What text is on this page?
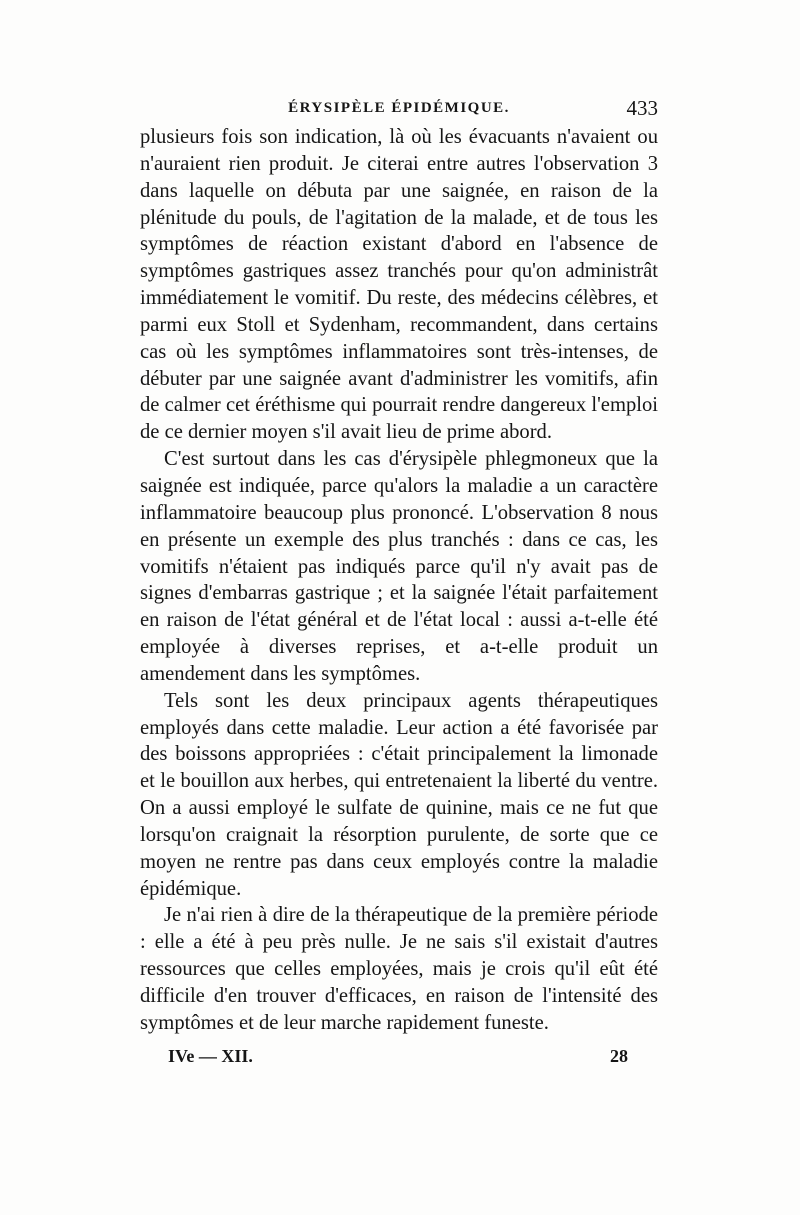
ÉRYSIPÈLE ÉPIDÉMIQUE.	433

plusieurs fois son indication, là où les évacuants n'avaient ou n'auraient rien produit. Je citerai entre autres l'observation 3 dans laquelle on débuta par une saignée, en raison de la plénitude du pouls, de l'agitation de la malade, et de tous les symptômes de réaction existant d'abord en l'absence de symptômes gastriques assez tranchés pour qu'on administrât immédiatement le vomitif. Du reste, des médecins célèbres, et parmi eux Stoll et Sydenham, recommandent, dans certains cas où les symptômes inflammatoires sont très-intenses, de débuter par une saignée avant d'administrer les vomitifs, afin de calmer cet éréthisme qui pourrait rendre dangereux l'emploi de ce dernier moyen s'il avait lieu de prime abord.

C'est surtout dans les cas d'érysipèle phlegmoneux que la saignée est indiquée, parce qu'alors la maladie a un caractère inflammatoire beaucoup plus prononcé. L'observation 8 nous en présente un exemple des plus tranchés : dans ce cas, les vomitifs n'étaient pas indiqués parce qu'il n'y avait pas de signes d'embarras gastrique ; et la saignée l'était parfaitement en raison de l'état général et de l'état local : aussi a-t-elle été employée à diverses reprises, et a-t-elle produit un amendement dans les symptômes.

Tels sont les deux principaux agents thérapeutiques employés dans cette maladie. Leur action a été favorisée par des boissons appropriées : c'était principalement la limonade et le bouillon aux herbes, qui entretenaient la liberté du ventre. On a aussi employé le sulfate de quinine, mais ce ne fut que lorsqu'on craignait la résorption purulente, de sorte que ce moyen ne rentre pas dans ceux employés contre la maladie épidémique.

Je n'ai rien à dire de la thérapeutique de la première période : elle a été à peu près nulle. Je ne sais s'il existait d'autres ressources que celles employées, mais je crois qu'il eût été difficile d'en trouver d'efficaces, en raison de l'intensité des symptômes et de leur marche rapidement funeste.

IVe — XII.	28
